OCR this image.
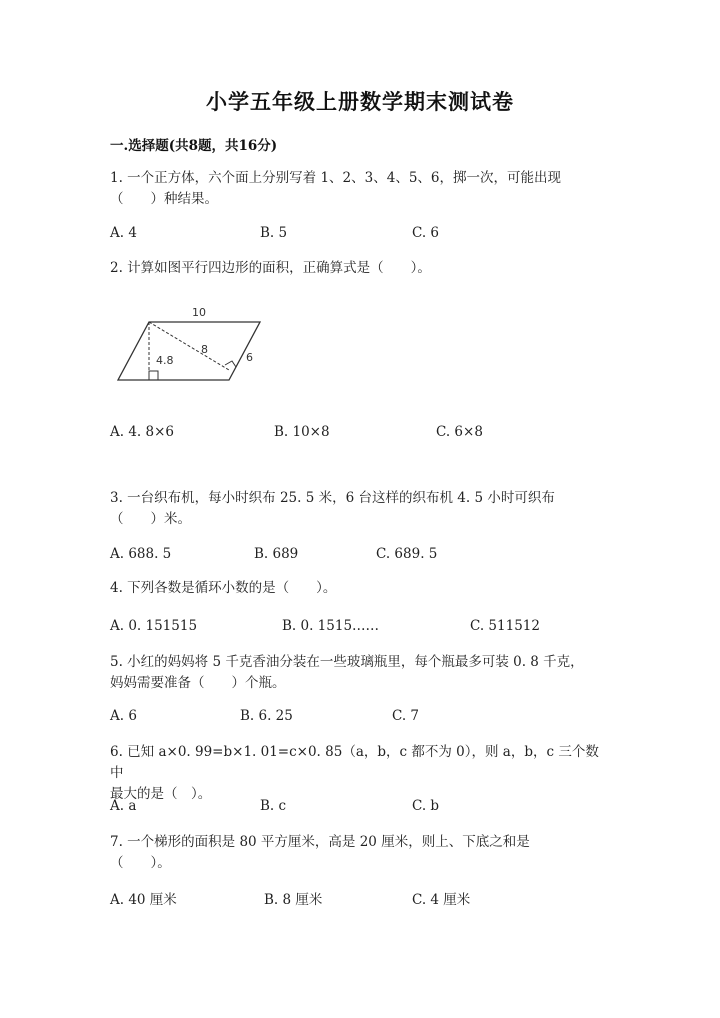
小学五年级上册数学期末测试卷
一.选择题(共8题，共16分)
1. 一个正方体，六个面上分别写着 1、2、3、4、5、6，掷一次，可能出现
（　　）种结果。
A. 4	B. 5	C. 6
2. 计算如图平行四边形的面积，正确算式是（　　）。
10
4.8
8
6
A. 4. 8×6	B. 10×8	C. 6×8
3. 一台织布机，每小时织布 25. 5 米，6 台这样的织布机 4. 5 小时可织布
（　　）米。
A. 688. 5	B. 689	C. 689. 5
4. 下列各数是循环小数的是（　　）。
A. 0. 151515	B. 0. 1515……	C. 511512
5. 小红的妈妈将 5 千克香油分装在一些玻璃瓶里，每个瓶最多可装 0. 8 千克，
妈妈需要准备（　　）个瓶。
A. 6	B. 6. 25	C. 7
6. 已知 a×0. 99=b×1. 01=c×0. 85（a，b，c 都不为 0），则 a，b，c 三个数中
最大的是（　）。
A. a	B. c	C. b
7. 一个梯形的面积是 80 平方厘米，高是 20 厘米，则上、下底之和是
（　　）。
A. 40 厘米	B. 8 厘米	C. 4 厘米
